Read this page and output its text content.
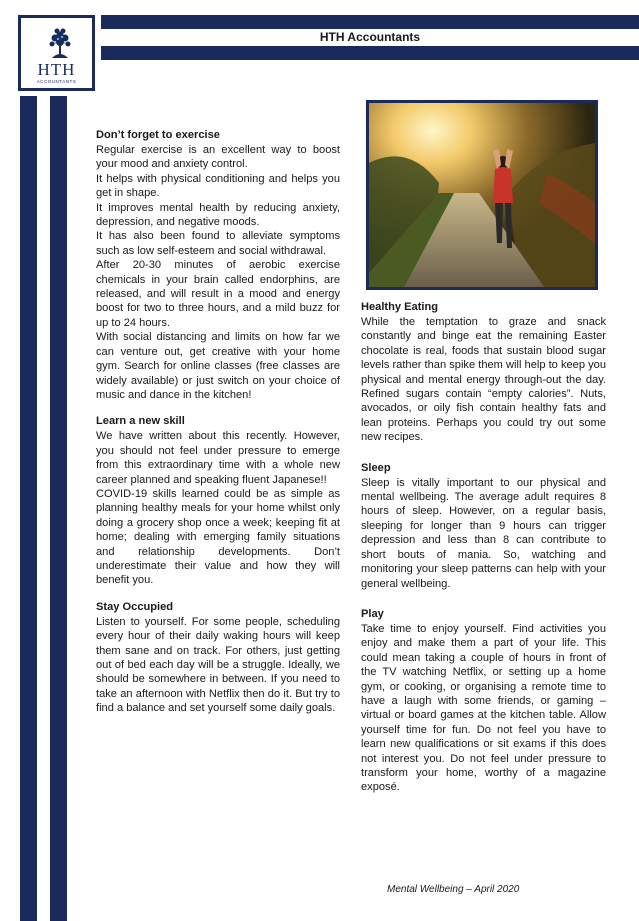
HTH
ACCOUNTANTS
HTH Accountants
Don’t forget to exercise

Regular exercise is an excellent way to boost your mood and anxiety control.

It helps with physical conditioning and helps you get in shape.

It improves mental health by reducing anxiety, depression, and negative moods.

It has also been found to alleviate symptoms such as low self-esteem and social withdrawal.

After 20-30 minutes of aerobic exercise chemicals in your brain called endorphins, are released, and will result in a mood and energy boost for two to three hours, and a mild buzz for up to 24 hours.

With social distancing and limits on how far we can venture out, get creative with your home gym. Search for online classes (free classes are widely available) or just switch on your choice of music and dance in the kitchen!

Learn a new skill

We have written about this recently. However, you should not feel under pressure to emerge from this extraordinary time with a whole new career planned and speaking fluent Japanese!!

COVID-19 skills learned could be as simple as planning healthy meals for your home whilst only doing a grocery shop once a week; keeping fit at home; dealing with emerging family situations and relationship developments. Don’t underestimate their value and how they will benefit you.

Stay Occupied

Listen to yourself. For some people, scheduling every hour of their daily waking hours will keep them sane and on track. For others, just getting out of bed each day will be a struggle. Ideally, we should be somewhere in between. If you need to take an afternoon with Netflix then do it. But try to find a balance and set yourself some daily goals.

Healthy Eating

While the temptation to graze and snack constantly and binge eat the remaining Easter chocolate is real, foods that sustain blood sugar levels rather than spike them will help to keep you physical and mental energy through-out the day. Refined sugars contain “empty calories”. Nuts, avocados, or oily fish contain healthy fats and lean proteins. Perhaps you could try out some new recipes.

Sleep

Sleep is vitally important to our physical and mental wellbeing. The average adult requires 8 hours of sleep. However, on a regular basis, sleeping for longer than 9 hours can trigger depression and less than 8 can contribute to short bouts of mania. So, watching and monitoring your sleep patterns can help with your general wellbeing.

Play

Take time to enjoy yourself. Find activities you enjoy and make them a part of your life. This could mean taking a couple of hours in front of the TV watching Netflix, or setting up a home gym, or cooking, or organising a remote time to have a laugh with some friends, or gaming – virtual or board games at the kitchen table. Allow yourself time for fun. Do not feel you have to learn new qualifications or sit exams if this does not interest you. Do not feel under pressure to transform your home, worthy of a magazine exposé.

Mental Wellbeing – April 2020
